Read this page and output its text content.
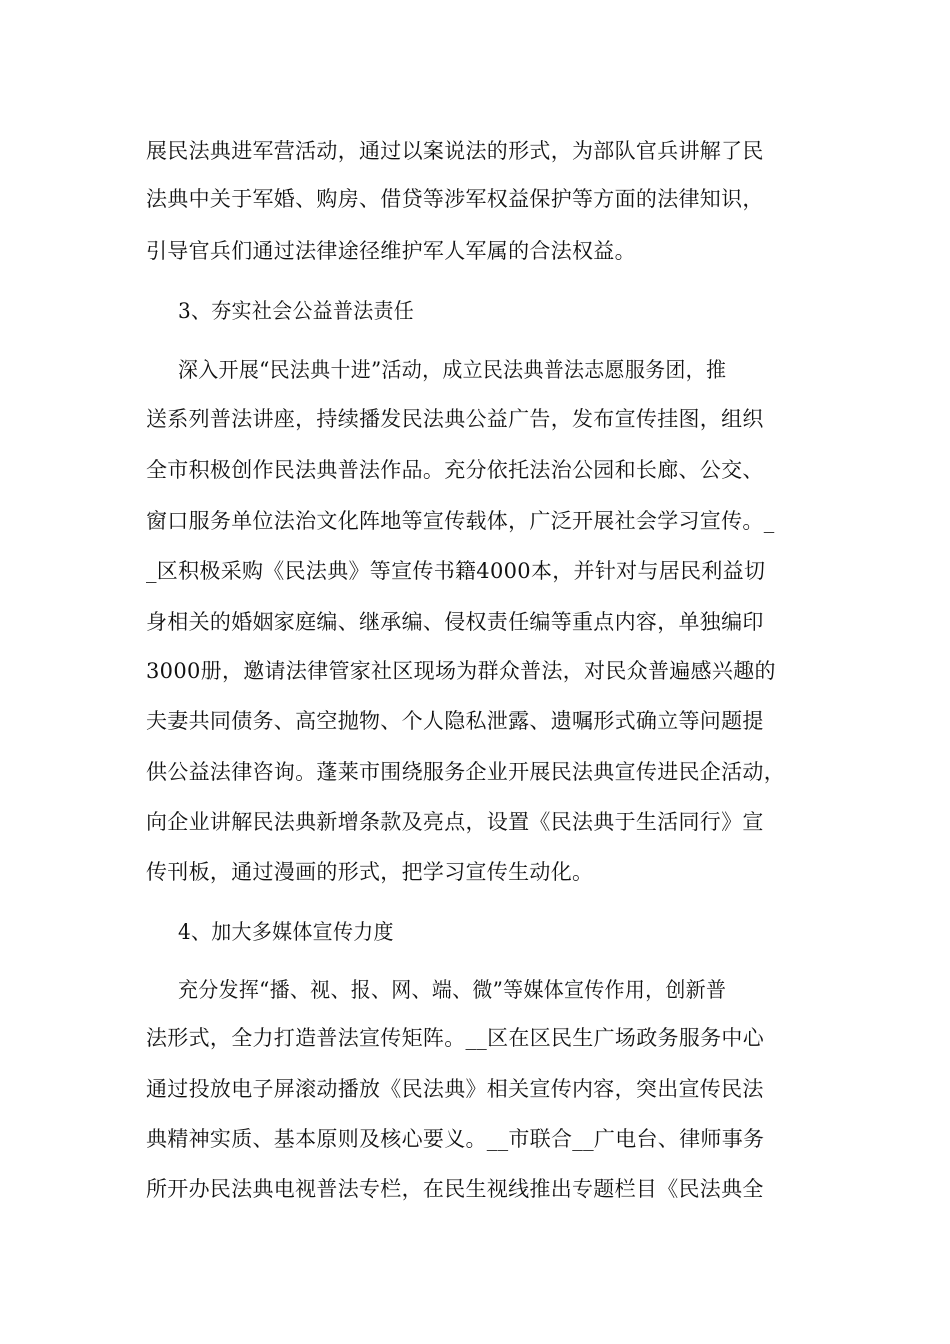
展民法典进军营活动，通过以案说法的形式，为部队官兵讲解了民
法典中关于军婚、购房、借贷等涉军权益保护等方面的法律知识，
引导官兵们通过法律途径维护军人军属的合法权益。
3、夯实社会公益普法责任
深入开展“民法典十进”活动，成立民法典普法志愿服务团，推
送系列普法讲座，持续播发民法典公益广告，发布宣传挂图，组织
全市积极创作民法典普法作品。充分依托法治公园和长廊、公交、
窗口服务单位法治文化阵地等宣传载体，广泛开展社会学习宣传。_
_区积极采购《民法典》等宣传书籍4000本，并针对与居民利益切
身相关的婚姻家庭编、继承编、侵权责任编等重点内容，单独编印
3000册，邀请法律管家社区现场为群众普法，对民众普遍感兴趣的
夫妻共同债务、高空抛物、个人隐私泄露、遗嘱形式确立等问题提
供公益法律咨询。蓬莱市围绕服务企业开展民法典宣传进民企活动，
向企业讲解民法典新增条款及亮点，设置《民法典于生活同行》宣
传刊板，通过漫画的形式，把学习宣传生动化。
4、加大多媒体宣传力度
充分发挥“播、视、报、网、端、微”等媒体宣传作用，创新普
法形式，全力打造普法宣传矩阵。__区在区民生广场政务服务中心
通过投放电子屏滚动播放《民法典》相关宣传内容，突出宣传民法
典精神实质、基本原则及核心要义。__市联合__广电台、律师事务
所开办民法典电视普法专栏，在民生视线推出专题栏目《民法典全
